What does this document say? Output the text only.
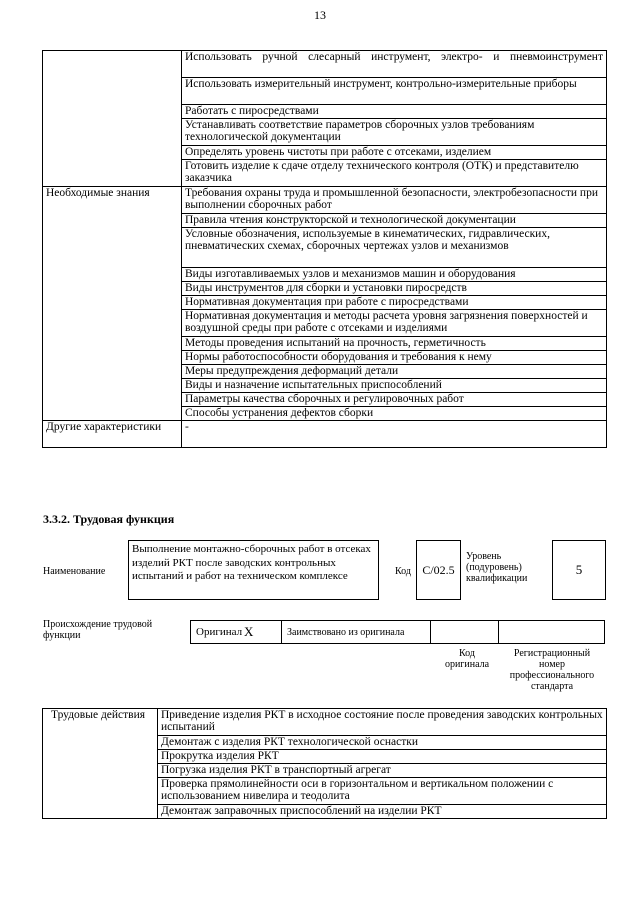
13

	Использовать ручной слесарный инструмент, электро- и пневмоинструмент

	Использовать измерительный инструмент, контрольно-измерительные приборы
	Работать с пиросредствами
	Устанавливать соответствие параметров сборочных узлов требованиям технологической документации
	Определять уровень чистоты при работе с отсеками, изделием
	Готовить изделие к сдаче отделу технического контроля (ОТК) и представителю заказчика
Необходимые знания	Требования охраны труда и промышленной безопасности, электробезопасности при выполнении сборочных работ
	Правила чтения конструкторской и технологической документации
	Условные обозначения, используемые в кинематических, гидравлических, пневматических схемах, сборочных чертежах узлов и механизмов
	Виды изготавливаемых узлов и механизмов машин и оборудования
	Виды инструментов для сборки и установки пиросредств
	Нормативная документация при работе с пиросредствами
	Нормативная документация и методы расчета уровня загрязнения поверхностей и воздушной среды при работе с отсеками и изделиями
	Методы проведения испытаний на прочность, герметичность
	Нормы работоспособности оборудования и требования к нему
	Меры предупреждения деформаций детали
	Виды и назначение испытательных приспособлений
	Параметры качества сборочных и регулировочных работ
	Способы устранения дефектов сборки
Другие характеристики	-
3.3.2. Трудовая функция
Наименование
Выполнение монтажно-сборочных работ в отсеках изделий РКТ после заводских контрольных испытаний и работ на техническом комплексе	Код С/02.5
Уровень (подуровень) квалификации
5
Происхождение трудовой функции	Оригинал X	Заимствовано из оригинала
Код оригинала
Регистрационный номер профессионального стандарта
Трудовые действия	Приведение изделия РКТ в исходное состояние после проведения заводских контрольных испытаний
Демонтаж с изделия РКТ технологической оснастки
Прокрутка изделия РКТ
Погрузка изделия РКТ в транспортный агрегат
Проверка прямолинейности оси в горизонтальном и вертикальном положении с использованием нивелира и теодолита
Демонтаж заправочных приспособлений на изделии РКТ
